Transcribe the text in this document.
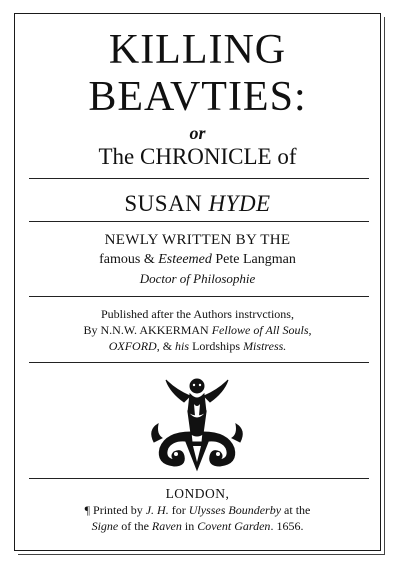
KILLING
BEAVTIES:
or
The CHRONICLE of
SUSAN HYDE
NEWLY WRITTEN BY THE
famous & Esteemed Pete Langman
Doctor of Philosophie
Published after the Authors instrvctions,
By N.N.W. AKKERMAN Fellowe of All Souls,
OXFORD, & his Lordships Mistress.
LONDON,
¶ Printed by J. H. for Ulysses Bounderby at the
Signe of the Raven in Covent Garden. 1656.
